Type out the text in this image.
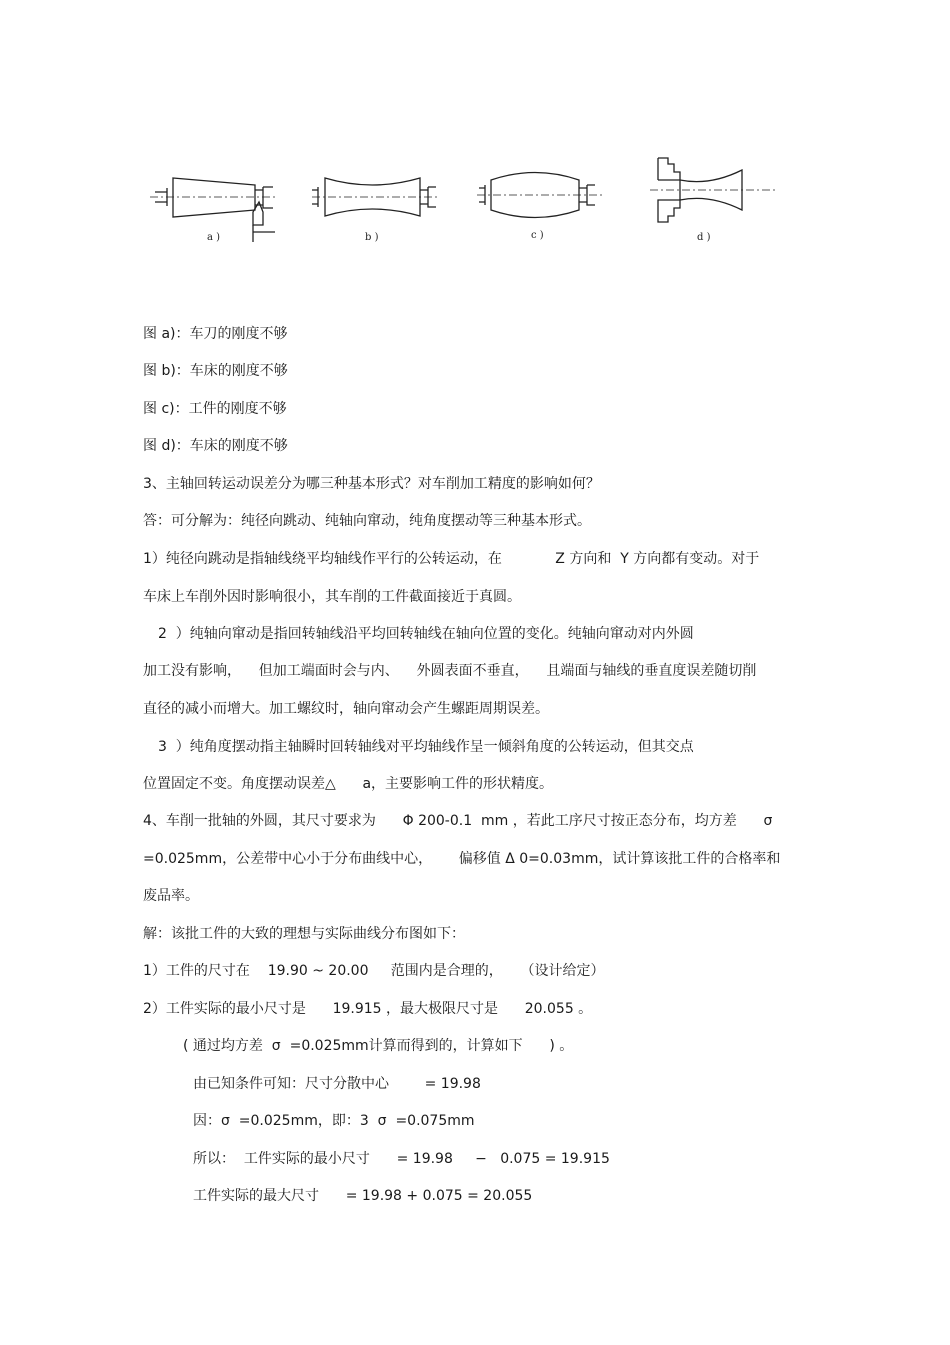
a )	b )	c )	d )
图 a)：车刀的刚度不够
图 b)：车床的刚度不够
图 c)：工件的刚度不够
图 d)：车床的刚度不够
3、主轴回转运动误差分为哪三种基本形式？对车削加工精度的影响如何？
答：可分解为：纯径向跳动、纯轴向窜动，纯角度摆动等三种基本形式。
1）纯径向跳动是指轴线绕平均轴线作平行的公转运动，在            Z 方向和  Y 方向都有变动。对于
车床上车削外因时影响很小，其车削的工件截面接近于真圆。
2  ）纯轴向窜动是指回转轴线沿平均回转轴线在轴向位置的变化。纯轴向窜动对内外圆
加工没有影响，    但加工端面时会与内、    外圆表面不垂直，    且端面与轴线的垂直度误差随切削
直径的减小而增大。加工螺纹时，轴向窜动会产生螺距周期误差。
3  ）纯角度摆动指主轴瞬时回转轴线对平均轴线作呈一倾斜角度的公转运动，但其交点
位置固定不变。角度摆动误差△      a，主要影响工件的形状精度。
4、车削一批轴的外圆，其尺寸要求为      Φ 200-0.1  mm ，若此工序尺寸按正态分布，均方差      σ
=0.025mm，公差带中心小于分布曲线中心，      偏移值 Δ 0=0.03mm，试计算该批工件的合格率和
废品率。
解：该批工件的大致的理想与实际曲线分布图如下：
1）工件的尺寸在    19.90 ~ 20.00     范围内是合理的，    （设计给定）
2）工件实际的最小尺寸是      19.915 ，最大极限尺寸是      20.055 。
( 通过均方差  σ  =0.025mm计算而得到的，计算如下      ) 。
由已知条件可知：尺寸分散中心        = 19.98
因：σ  =0.025mm，即：3  σ  =0.075mm
所以：  工件实际的最小尺寸      = 19.98     −   0.075 = 19.915
工件实际的最大尺寸      = 19.98 + 0.075 = 20.055
